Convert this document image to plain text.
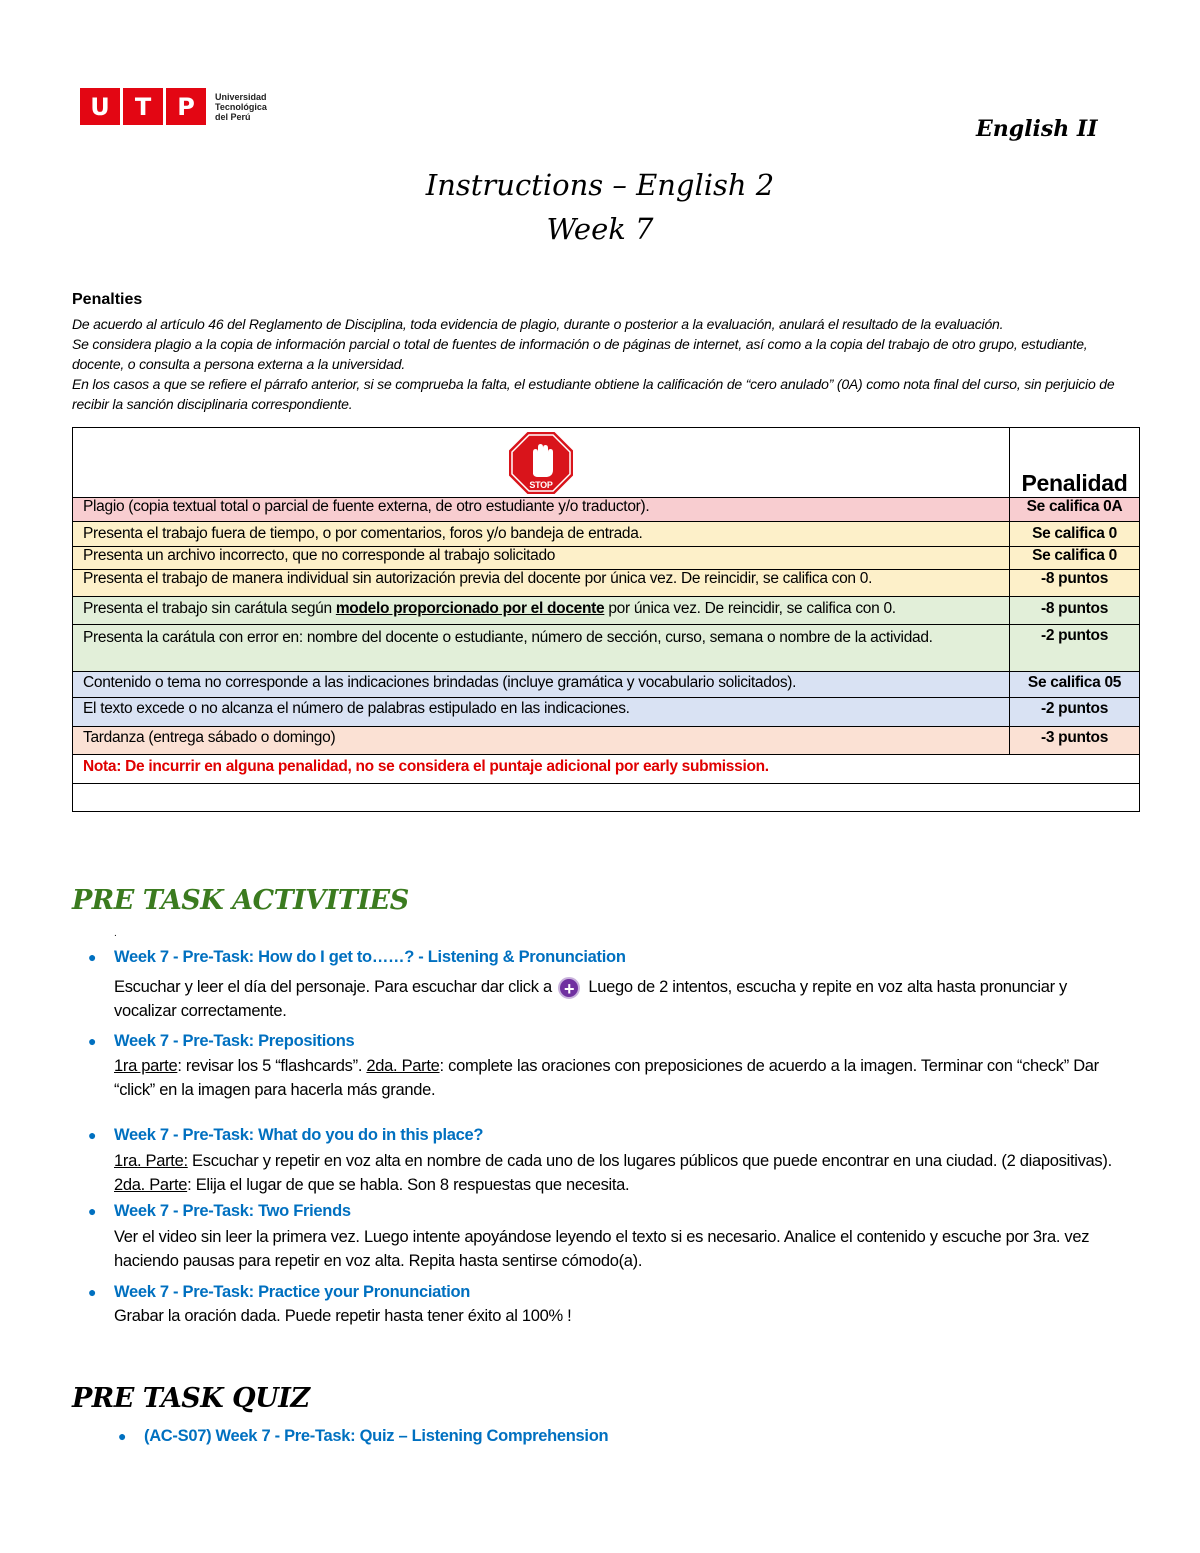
U	T	P	Universidad
Tecnológica
del Perú	English II
Instructions – English 2
Week 7
Penalties
De acuerdo al artículo 46 del Reglamento de Disciplina, toda evidencia de plagio, durante o posterior a la evaluación, anulará el resultado de la evaluación.
Se considera plagio a la copia de información parcial o total de fuentes de información o de páginas de internet, así como a la copia del trabajo de otro grupo, estudiante, docente, o consulta a persona externa a la universidad.
En los casos a que se refiere el párrafo anterior, si se comprueba la falta, el estudiante obtiene la calificación de “cero anulado” (0A) como nota final del curso, sin perjuicio de recibir la sanción disciplinaria correspondiente.
STOP	Penalidad
Plagio (copia textual total o parcial de fuente externa, de otro estudiante y/o traductor).	Se califica 0A
Presenta el trabajo fuera de tiempo, o por comentarios, foros y/o bandeja de entrada.	Se califica 0
Presenta un archivo incorrecto, que no corresponde al trabajo solicitado	Se califica 0
Presenta el trabajo de manera individual sin autorización previa del docente por única vez. De reincidir, se califica con 0.	-8 puntos
Presenta el trabajo sin carátula según modelo proporcionado por el docente por única vez. De reincidir, se califica con 0.	-8 puntos
Presenta la carátula con error en: nombre del docente o estudiante, número de sección, curso, semana o nombre de la actividad.	-2 puntos
Contenido o tema no corresponde a las indicaciones brindadas (incluye gramática y vocabulario solicitados).	Se califica 05
El texto excede o no alcanza el número de palabras estipulado en las indicaciones.	-2 puntos
Tardanza (entrega sábado o domingo)	-3 puntos
Nota: De incurrir en alguna penalidad, no se considera el puntaje adicional por early submission.	

PRE TASK ACTIVITIES
.
● Week 7 - Pre-Task: How do I get to……? - Listening & Pronunciation
Escuchar y leer el día del personaje. Para escuchar dar click a + Luego de 2 intentos, escucha y repite en voz alta hasta pronunciar y vocalizar correctamente.
● Week 7 - Pre-Task: Prepositions
1ra parte: revisar los 5 “flashcards”. 2da. Parte: complete las oraciones con preposiciones de acuerdo a la imagen. Terminar con “check” Dar “click” en la imagen para hacerla más grande.
● Week 7 - Pre-Task: What do you do in this place?
1ra. Parte: Escuchar y repetir en voz alta en nombre de cada uno de los lugares públicos que puede encontrar en una ciudad. (2 diapositivas). 2da. Parte: Elija el lugar de que se habla. Son 8 respuestas que necesita.
● Week 7 - Pre-Task: Two Friends
Ver el video sin leer la primera vez. Luego intente apoyándose leyendo el texto si es necesario. Analice el contenido y escuche por 3ra. vez haciendo pausas para repetir en voz alta. Repita hasta sentirse cómodo(a).
● Week 7 - Pre-Task: Practice your Pronunciation
Grabar la oración dada. Puede repetir hasta tener éxito al 100% !
PRE TASK QUIZ
● (AC-S07) Week 7 - Pre-Task: Quiz – Listening Comprehension
